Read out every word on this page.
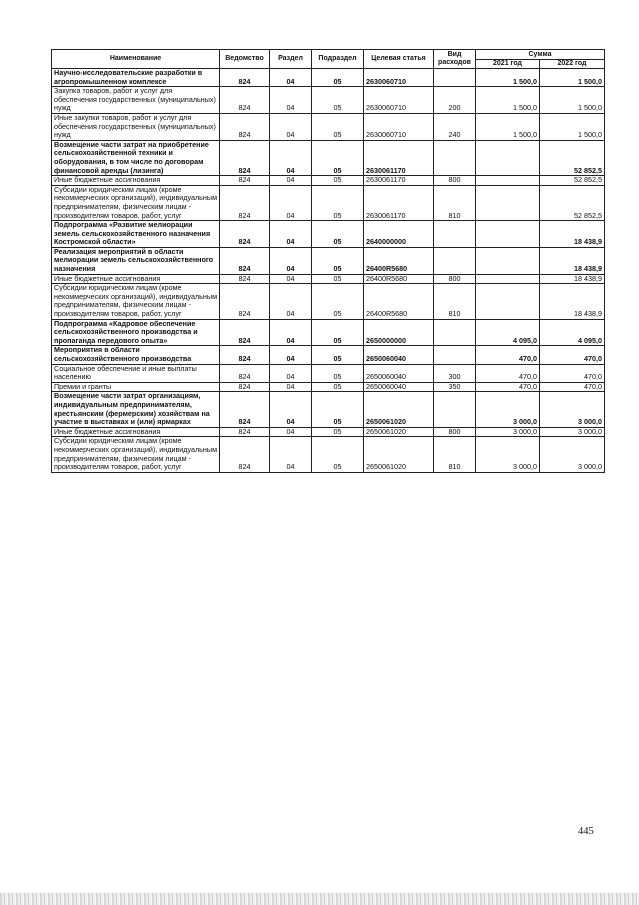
Наименование	Ведомство	Раздел	Подраздел	Целевая статья	Вид расходов	Сумма	
						2021 год	2022 год
Научно-исследовательские разработки в агропромышленном комплексе	824	04	05	2630060710		1 500,0	1 500,0
Закупка товаров, работ и услуг для обеспечения государственных (муниципальных) нужд	824	04	05	2630060710	200	1 500,0	1 500,0
Иные закупки товаров, работ и услуг для обеспечения государственных (муниципальных) нужд	824	04	05	2630060710	240	1 500,0	1 500,0
Возмещение части затрат на приобретение сельскохозяйственной техники и оборудования, в том числе по договорам финансовой аренды (лизинга)	824	04	05	2630061170			52 852,5
Иные бюджетные ассигнования	824	04	05	2630061170	800		52 852,5
Субсидии юридическим лицам (кроме некоммерческих организаций), индивидуальным предпринимателям, физическим лицам - производителям товаров, работ, услуг	824	04	05	2630061170	810		52 852,5
Подпрограмма «Развитие мелиорации земель сельскохозяйственного назначения Костромской области»	824	04	05	2640000000			18 438,9
Реализация мероприятий в области мелиорации земель сельскохозяйственного назначения	824	04	05	26400R5680			18 438,9
Иные бюджетные ассигнования	824	04	05	26400R5680	800		18 438,9
Субсидии юридическим лицам (кроме некоммерческих организаций), индивидуальным предпринимателям, физическим лицам - производителям товаров, работ, услуг	824	04	05	26400R5680	810		18 438,9
Подпрограмма «Кадровое обеспечение сельскохозяйственного производства и пропаганда передового опыта»	824	04	05	2650000000		4 095,0	4 095,0
Мероприятия в области сельскохозяйственного производства	824	04	05	2650060040		470,0	470,0
Социальное обеспечение и иные выплаты населению	824	04	05	2650060040	300	470,0	470,0
Премии и гранты	824	04	05	2650060040	350	470,0	470,0
Возмещение части затрат организациям, индивидуальным предпринимателям, крестьянским (фермерским) хозяйствам на участие в выставках и (или) ярмарках	824	04	05	2650061020		3 000,0	3 000,0
Иные бюджетные ассигнования	824	04	05	2650061020	800	3 000,0	3 000,0
Субсидии юридическим лицам (кроме некоммерческих организаций), индивидуальным предпринимателям, физическим лицам - производителям товаров, работ, услуг	824	04	05	2650061020	810	3 000,0	3 000,0
445
